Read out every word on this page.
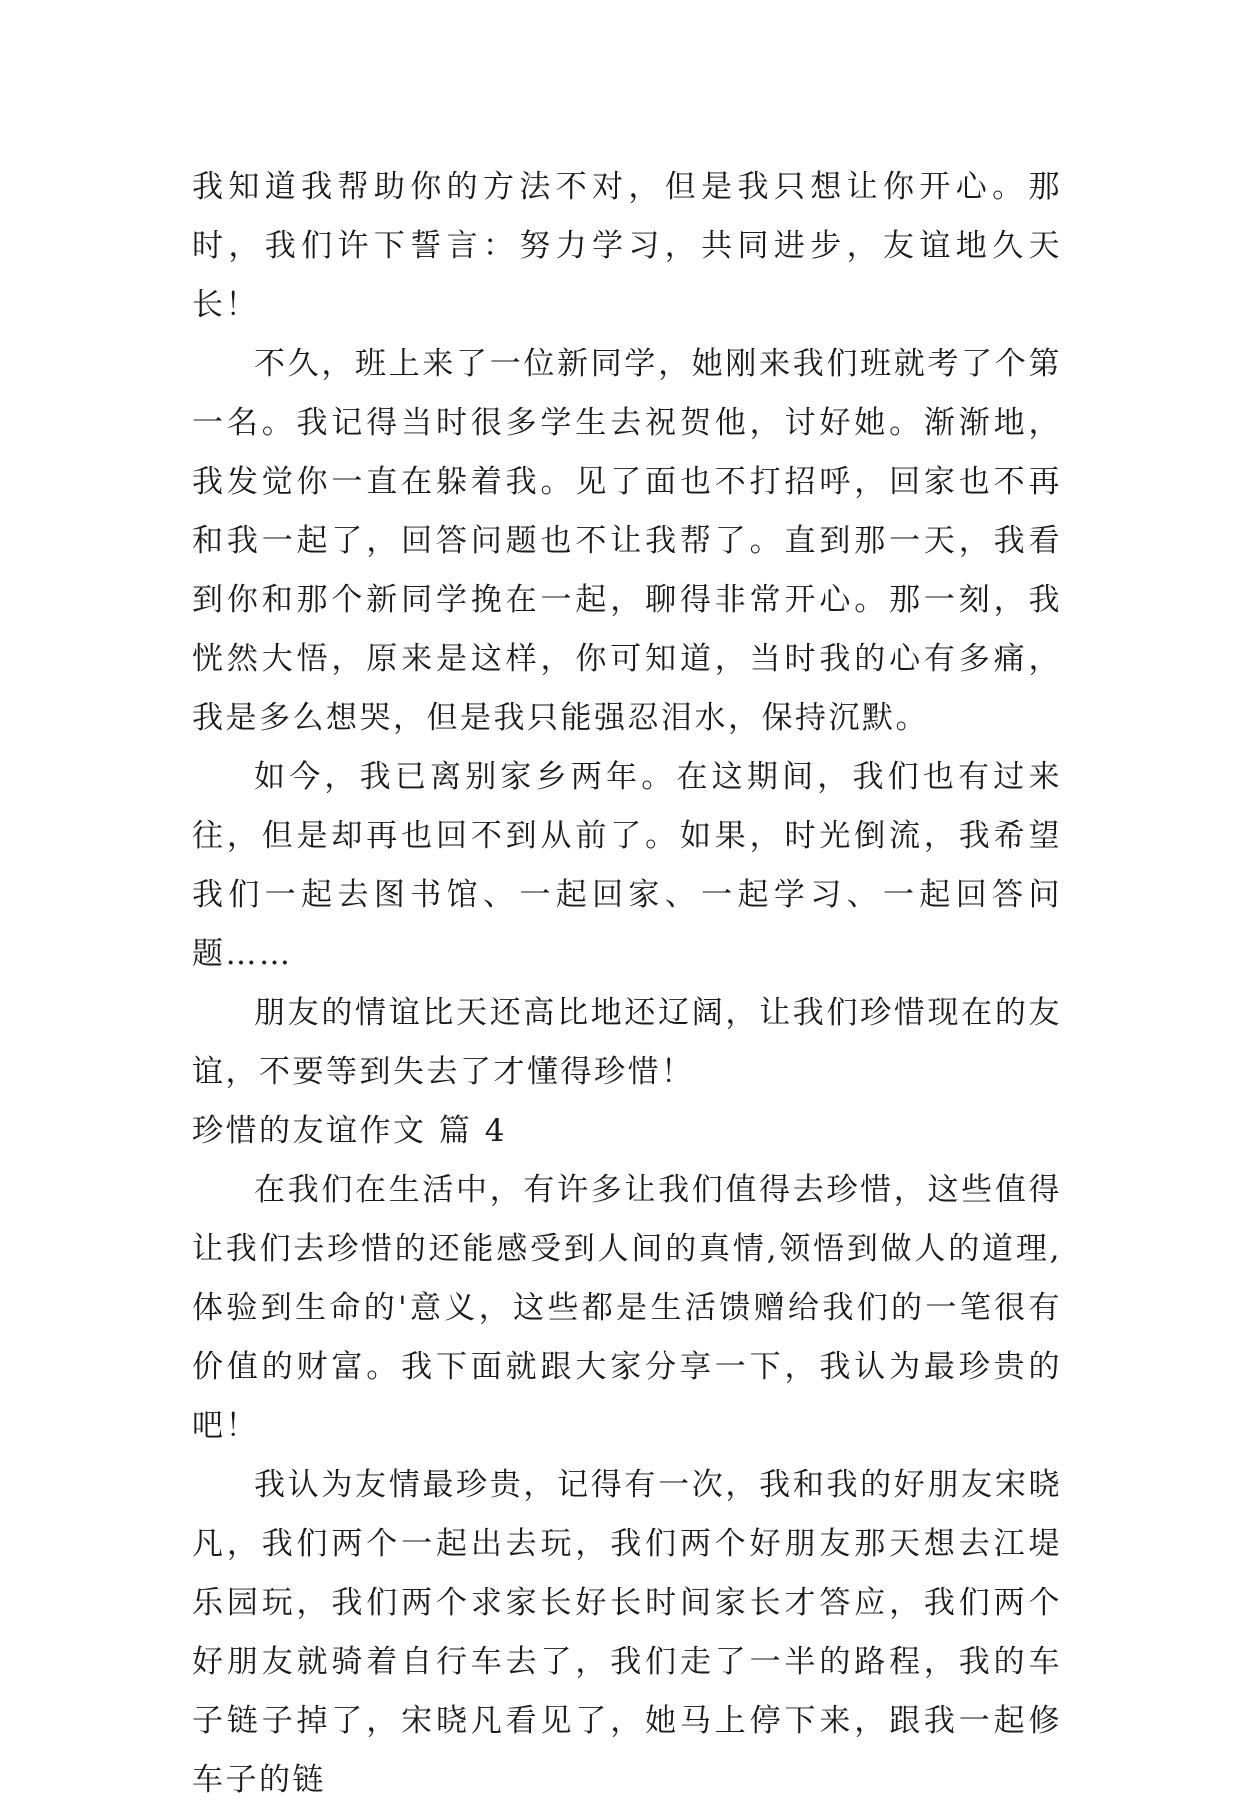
我知道我帮助你的方法不对，但是我只想让你开心。那时，我们许下誓言：努力学习，共同进步，友谊地久天长！

不久，班上来了一位新同学，她刚来我们班就考了个第一名。我记得当时很多学生去祝贺他，讨好她。渐渐地，我发觉你一直在躲着我。见了面也不打招呼，回家也不再和我一起了，回答问题也不让我帮了。直到那一天，我看到你和那个新同学挽在一起，聊得非常开心。那一刻，我恍然大悟，原来是这样，你可知道，当时我的心有多痛，我是多么想哭，但是我只能强忍泪水，保持沉默。

如今，我已离别家乡两年。在这期间，我们也有过来往，但是却再也回不到从前了。如果，时光倒流，我希望我们一起去图书馆、一起回家、一起学习、一起回答问题……

朋友的情谊比天还高比地还辽阔，让我们珍惜现在的友谊，不要等到失去了才懂得珍惜！

珍惜的友谊作文 篇 4

在我们在生活中，有许多让我们值得去珍惜，这些值得让我们去珍惜的还能感受到人间的真情,领悟到做人的道理,体验到生命的'意义，这些都是生活馈赠给我们的一笔很有价值的财富。我下面就跟大家分享一下，我认为最珍贵的吧！

我认为友情最珍贵，记得有一次，我和我的好朋友宋晓凡，我们两个一起出去玩，我们两个好朋友那天想去江堤乐园玩，我们两个求家长好长时间家长才答应，我们两个好朋友就骑着自行车去了，我们走了一半的路程，我的车子链子掉了，宋晓凡看见了，她马上停下来，跟我一起修车子的链
